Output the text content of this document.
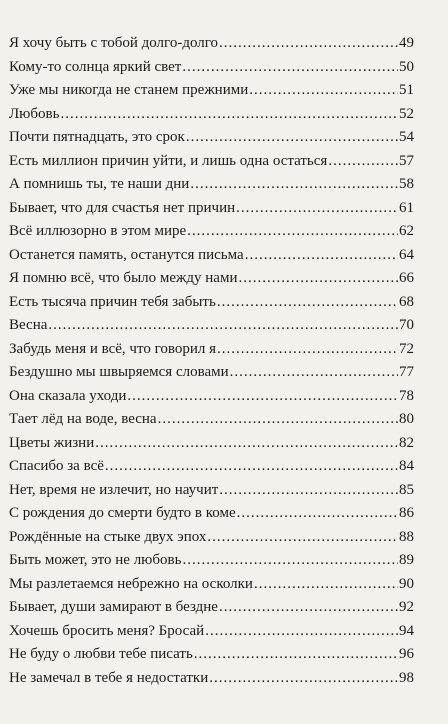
Я хочу быть с тобой долго-долго .....	49
Кому-то солнца яркий свет .....	50
Уже мы никогда не станем прежними .....	51
Любовь .....	52
Почти пятнадцать, это срок .....	54
Есть миллион причин уйти, и лишь одна остаться .....	57
А помнишь ты, те наши дни .....	58
Бывает, что для счастья нет причин .....	61
Всё иллюзорно в этом мире .....	62
Останется память, останутся письма .....	64
Я помню всё, что было между нами .....	66
Есть тысяча причин тебя забыть .....	68
Весна .....	70
Забудь меня и всё, что говорил я .....	72
Бездушно мы швыряемся словами .....	77
Она сказала уходи .....	78
Тает лёд на воде, весна .....	80
Цветы жизни .....	82
Спасибо за всё .....	84
Нет, время не излечит, но научит .....	85
С рождения до смерти будто в коме .....	86
Рождённые на стыке двух эпох .....	88
Быть может, это не любовь .....	89
Мы разлетаемся небрежно на осколки .....	90
Бывает, души замирают в бездне .....	92
Хочешь бросить меня? Бросай .....	94
Не буду о любви тебе писать .....	96
Не замечал в тебе я недостатки .....	98
